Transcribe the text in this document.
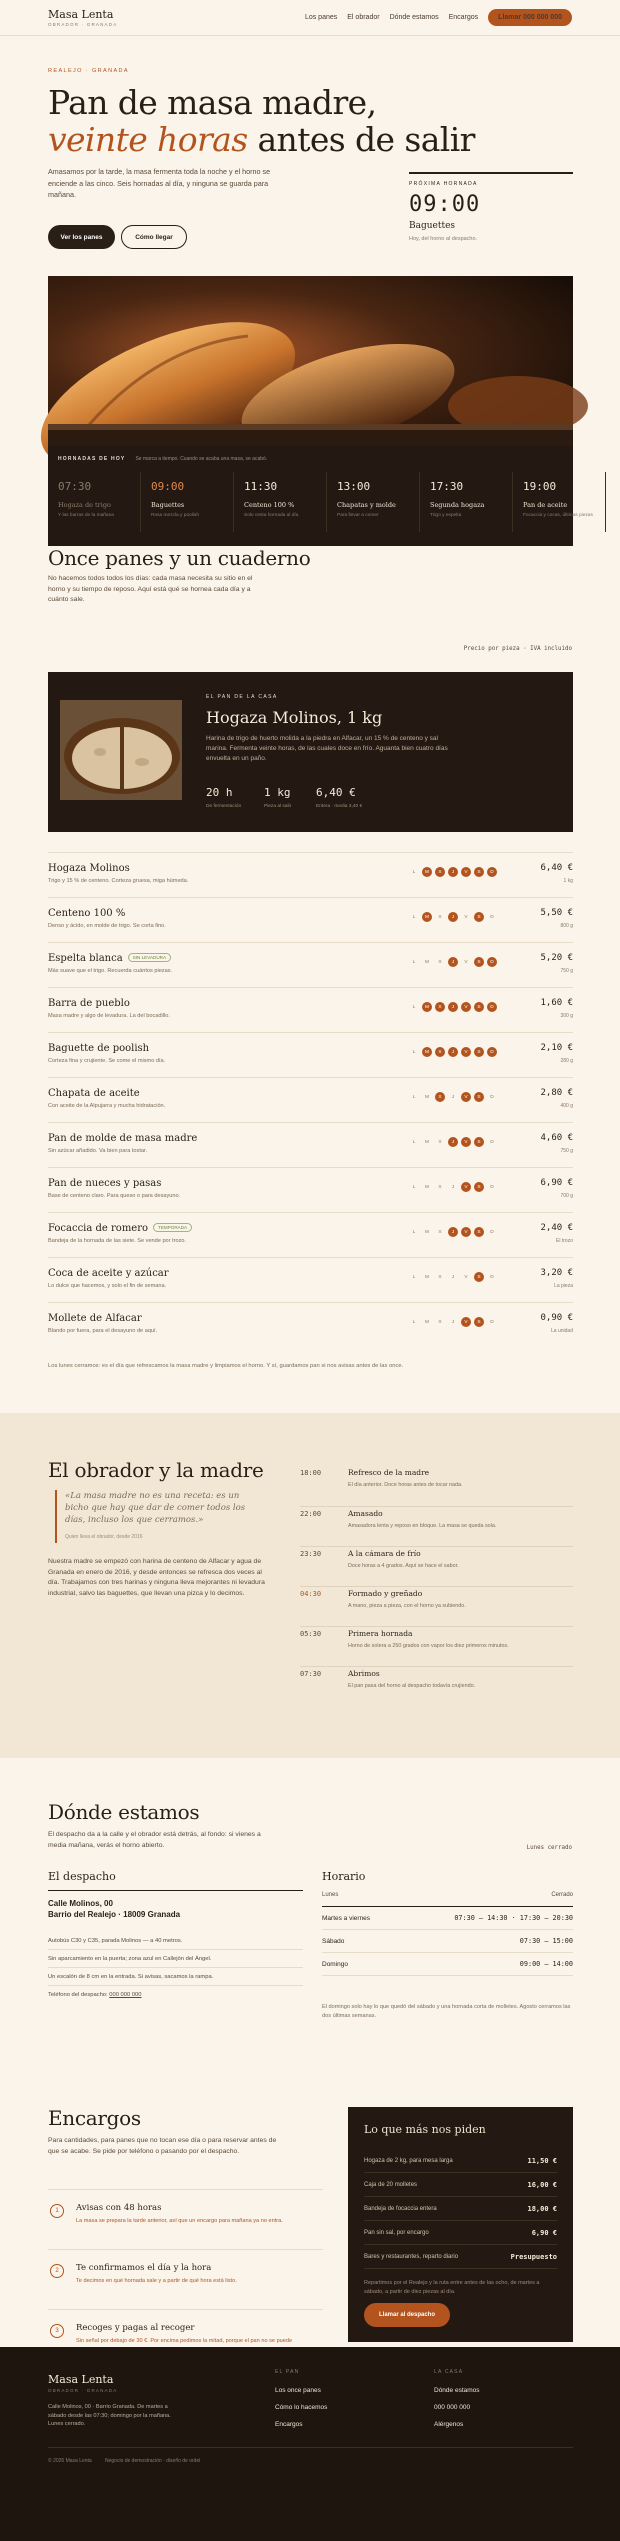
Masa Lenta
OBRADOR · GRANADA
Los panes El obrador Dónde estamos Encargos	Llamar 000 000 000
REALEJO · GRANADA
Pan de masa madre,
veinte horas antes de salir
Amasamos por la tarde, la masa fermenta toda la noche y el horno se enciende a las cinco. Seis hornadas al día, y ninguna se guarda para mañana.
Ver los panes	Cómo llegar
PRÓXIMA HORNADA
09:00
Baguettes
Hoy, del horno al despacho.
HORNADAS DE HOY Se marca a tiempo. Cuando se acaba una masa, se acabó.
07:30
Hogaza de trigo
Y las barras de la mañana
09:00
Baguettes
Rosa mezcla y poolish
11:30
Centeno 100 %
Solo cesta hornada al día
13:00
Chapatas y molde
Para llevar a comer
17:30
Segunda hogaza
Trigo y espelta
19:00
Pan de aceite
Focaccia y cocas, últimas piezas
Once panes y un cuaderno
No hacemos todos todos los días: cada masa necesita su sitio en el horno y su tiempo de reposo. Aquí está qué se hornea cada día y a cuánto sale.
Precio por pieza · IVA incluido
EL PAN DE LA CASA
Hogaza Molinos, 1 kg
Harina de trigo de huerto molida a la piedra en Alfacar, un 15 % de centeno y sal marina. Fermenta veinte horas, de las cuales doce en frío. Aguanta bien cuatro días envuelta en un paño.
20 h
De fermentación
1 kg
Pieza al salir
6,40 €
Entera · media 3,40 €
Hogaza Molinos
Trigo y 15 % de centeno. Corteza gruesa, miga húmeda.
L	M	X	J	V	S	D	6,40 €
1 kg
Centeno 100 %
Denso y ácido, en molde de trigo. Se corta fino.
L	M	X	J	V	S	D	5,50 €
800 g
Espelta blanca SIN LEVADURA
Más suave que el trigo. Recuerda cuántos piezas.
L	M	X	J	V	S	D	5,20 €
750 g
Barra de pueblo
Masa madre y algo de levadura. La del bocadillo.
L	M	X	J	V	S	D	1,60 €
300 g
Baguette de poolish
Corteza fina y crujiente. Se come el mismo día.
L	M	X	J	V	S	D	2,10 €
280 g
Chapata de aceite
Con aceite de la Alpujarra y mucha hidratación.
L	M	X	J	V	S	D	2,80 €
400 g
Pan de molde de masa madre
Sin azúcar añadido. Va bien para tostar.
L	M	X	J	V	S	D	4,60 €
750 g
Pan de nueces y pasas
Base de centeno claro. Para queso o para desayuno.
L	M	X	J	V	S	D	6,90 €
700 g
Focaccia de romero TEMPORADA
Bandeja de la hornada de las siete. Se vende por trozo.
L	M	X	J	V	S	D	2,40 €
El trozo
Coca de aceite y azúcar
Lo dulce que hacemos, y solo el fin de semana.
L	M	X	J	V	S	D	3,20 €
La pieza
Mollete de Alfacar
Blando por fuera, para el desayuno de aquí.
L	M	X	J	V	S	D	0,90 €
La unidad
Los lunes cerramos: es el día que refrescamos la masa madre y limpiamos el horno. Y sí, guardamos pan si nos avisas antes de las once.
El obrador y la madre
«La masa madre no es una receta: es un bicho que hay que dar de comer todos los días, incluso los que cerramos.»
Quien lleva el obrador, desde 2016
Nuestra madre se empezó con harina de centeno de Alfacar y agua de Granada en enero de 2016, y desde entonces se refresca dos veces al día. Trabajamos con tres harinas y ninguna lleva mejorantes ni levadura industrial, salvo las baguettes, que llevan una pizca y lo decimos.
18:00	Refresco de la madre
El día anterior. Doce horas antes de tocar nada.
22:00	Amasado
Amasadora lenta y reposo en bloque. La masa se queda sola.
23:30	A la cámara de frío
Doce horas a 4 grados. Aquí se hace el sabor.
04:30	Formado y greñado
A mano, pieza a pieza, con el horno ya subiendo.
05:30	Primera hornada
Horno de solera a 250 grados con vapor los diez primeros minutos.
07:30	Abrimos
El pan pasa del horno al despacho todavía crujiendo.
Dónde estamos
El despacho da a la calle y el obrador está detrás, al fondo: si vienes a media mañana, verás el horno abierto.	Lunes cerrado
El despacho
Calle Molinos, 00
Barrio del Realejo · 18009 Granada
Autobús C30 y C35, parada Molinos — a 40 metros.
Sin aparcamiento en la puerta; zona azul en Callejón del Ángel.
Un escalón de 8 cm en la entrada. Si avisas, sacamos la rampa.
Teléfono del despacho:
000 000 000
Horario
Lunes	Cerrado
Martes a viernes	07:30 – 14:30 · 17:30 – 20:30
Sábado	07:30 – 15:00
Domingo	09:00 – 14:00
El domingo solo hay lo que quedó del sábado y una hornada corta de molletes. Agosto cerramos las dos últimas semanas.
Encargos
Para cantidades, para panes que no tocan ese día o para reservar antes de que se acabe. Se pide por teléfono o pasando por el despacho.
1	Avisas con 48 horas
La masa se prepara la tarde anterior, así que un encargo para mañana ya no entra.
2	Te confirmamos el día y la hora
Te decimos en qué hornada sale y a partir de qué hora está listo.
3	Recoges y pagas al recoger
Sin señal por debajo de 30 €. Por encima pedimos la mitad, porque el pan no se puede
Lo que más nos piden
Hogaza de 2 kg, para mesa larga	11,50 €
Caja de 20 molletes	16,00 €
Bandeja de focaccia entera	18,00 €
Pan sin sal, por encargo	6,90 €
Bares y restaurantes, reparto diario	Presupuesto
Repartimos por el Realejo y la ruta entre antes de las ocho, de martes a sábado, a partir de diez piezas al día.
Llamar al despacho
Masa Lenta
OBRADOR · GRANADA
Calle Molinos, 00 · Barrio Granada. De martes a sábado desde las 07:30; domingo por la mañana. Lunes cerrado.
EL PAN
Los once panes
Cómo lo hacemos
Encargos
LA CASA
Dónde estamos
000 000 000
Alérgenos
© 2026 Masa Lenta	Negocio de demostración · diseño de ordel
